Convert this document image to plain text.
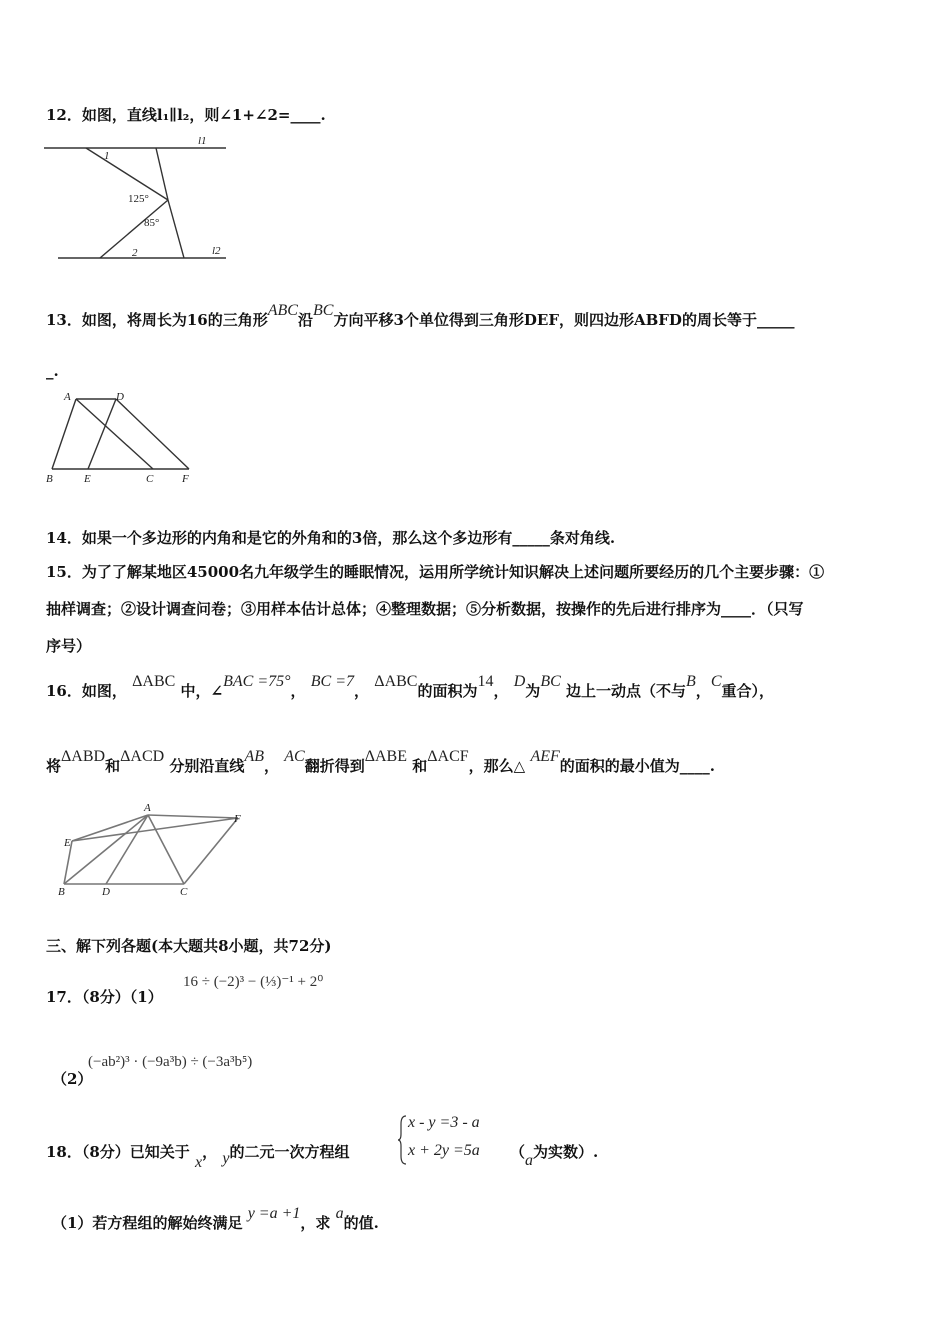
12．如图，直线l₁∥l₂，则∠1+∠2=____.
l1
l2
1
2
125°
85°
13．如图，将周长为16的三角形ABC沿BC方向平移3个单位得到三角形DEF，则四边形ABFD的周长等于_____
_.
A	D
B	E	C	F
14．如果一个多边形的内角和是它的外角和的3倍，那么这个多边形有_____条对角线.
15．为了了解某地区45000名九年级学生的睡眠情况，运用所学统计知识解决上述问题所要经历的几个主要步骤：①
抽样调查；②设计调查问卷；③用样本估计总体；④整理数据；⑤分析数据，按操作的先后进行排序为____．（只写
序号）
16．如图， ΔABC 中，∠BAC =75°， BC =7， ΔABC的面积为14， D为BC 边上一动点（不与B，C重合），
将ΔABD和ΔACD 分别沿直线AB， AC翻折得到ΔABE 和ΔACF，那么△ AEF的面积的最小值为____.
A
E
F
B	D	C
三、解下列各题(本大题共8小题，共72分)
17．（8分）（1）
16 ÷ (−2)³ − (⅓)⁻¹ + 2⁰
（2）
(−ab²)³ · (−9a³b) ÷ (−3a³b⁵)
18．（8分）已知关于 x， y的二元一次方程组
x - y =3 - a
x + 2y =5a （a为实数）.
（1）若方程组的解始终满足 y =a +1，求 a的值.
